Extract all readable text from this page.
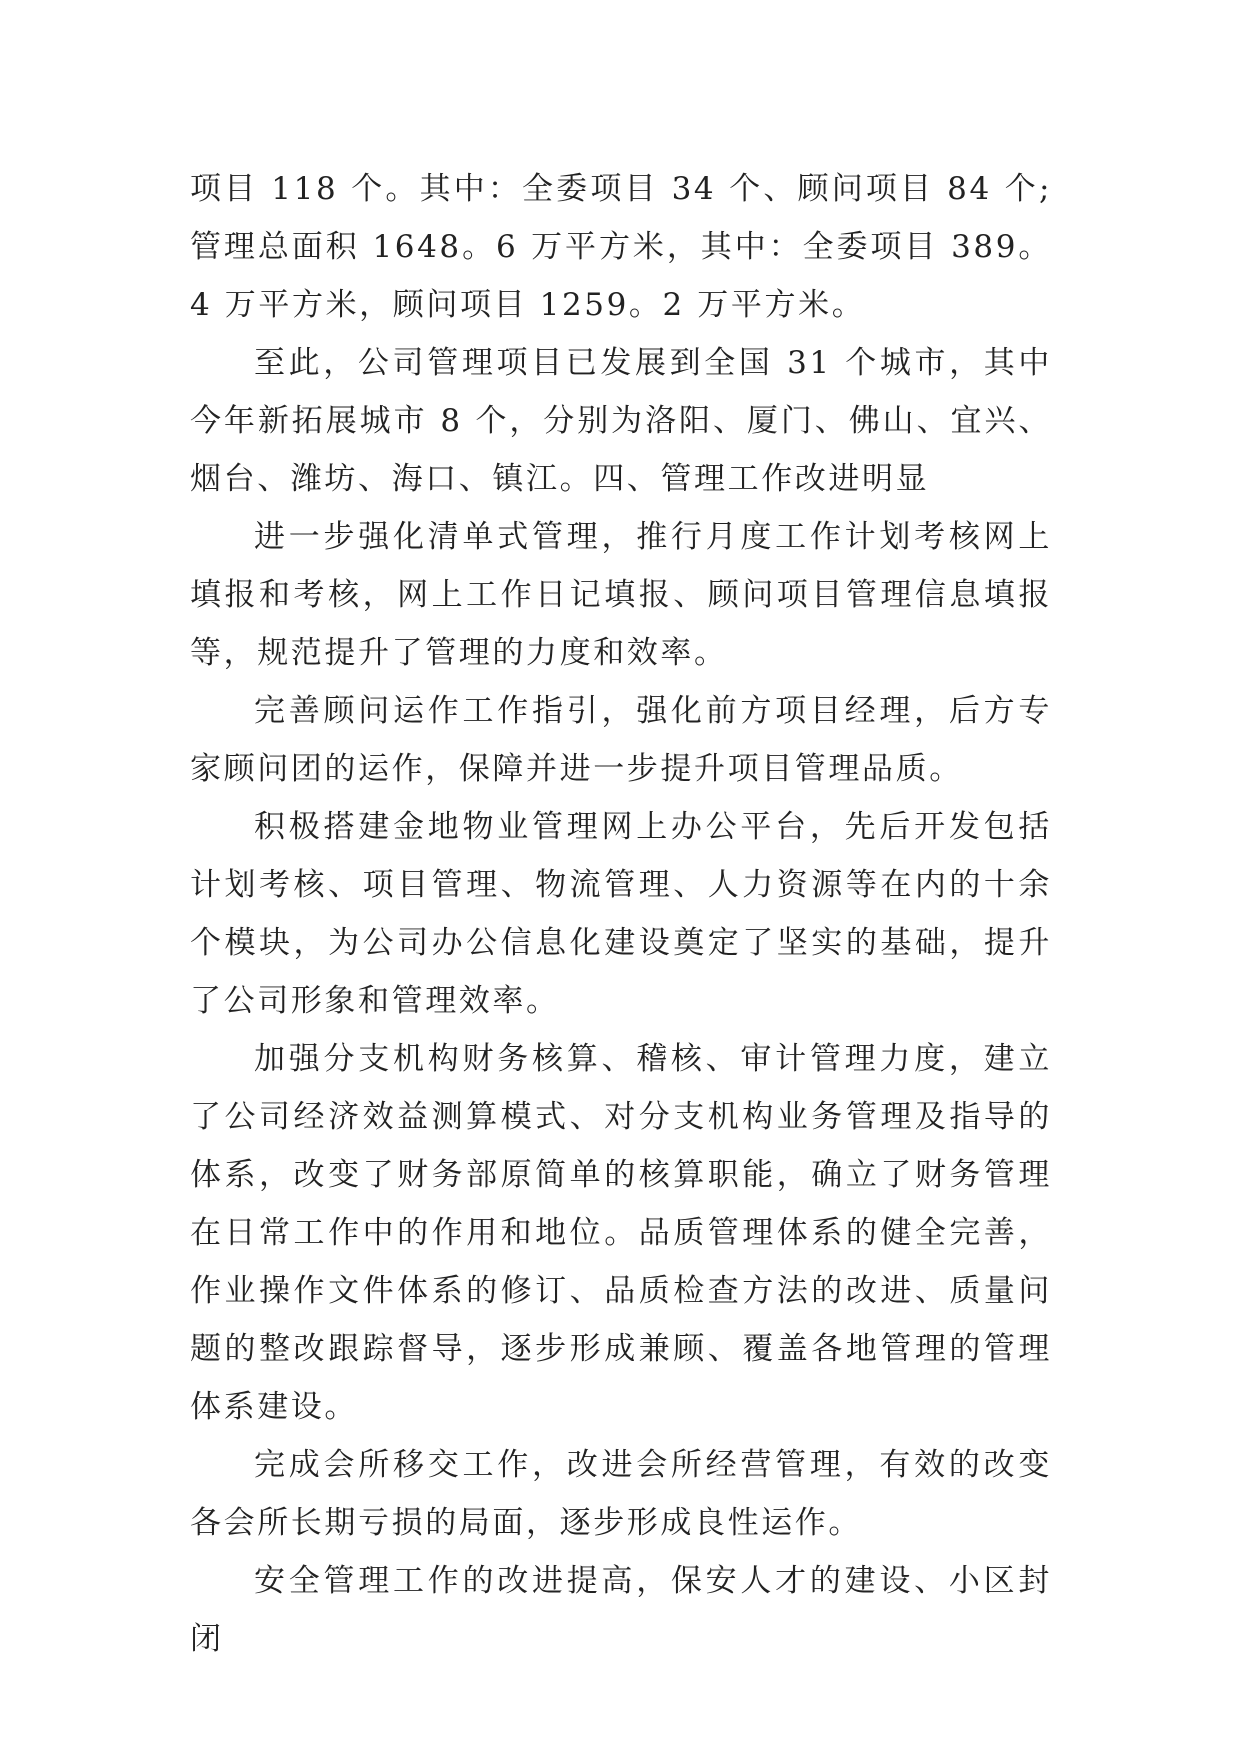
项目 118 个。其中：全委项目 34 个、顾问项目 84 个;管理总面积 1648。6 万平方米，其中：全委项目 389。4 万平方米，顾问项目 1259。2 万平方米。

至此，公司管理项目已发展到全国 31 个城市，其中今年新拓展城市 8 个，分别为洛阳、厦门、佛山、宜兴、烟台、潍坊、海口、镇江。四、管理工作改进明显

进一步强化清单式管理，推行月度工作计划考核网上填报和考核，网上工作日记填报、顾问项目管理信息填报等，规范提升了管理的力度和效率。

完善顾问运作工作指引，强化前方项目经理，后方专家顾问团的运作，保障并进一步提升项目管理品质。

积极搭建金地物业管理网上办公平台，先后开发包括计划考核、项目管理、物流管理、人力资源等在内的十余个模块，为公司办公信息化建设奠定了坚实的基础，提升了公司形象和管理效率。

加强分支机构财务核算、稽核、审计管理力度，建立了公司经济效益测算模式、对分支机构业务管理及指导的体系，改变了财务部原简单的核算职能，确立了财务管理在日常工作中的作用和地位。品质管理体系的健全完善，作业操作文件体系的修订、品质检查方法的改进、质量问题的整改跟踪督导，逐步形成兼顾、覆盖各地管理的管理体系建设。

完成会所移交工作，改进会所经营管理，有效的改变各会所长期亏损的局面，逐步形成良性运作。

安全管理工作的改进提高，保安人才的建设、小区封闭
